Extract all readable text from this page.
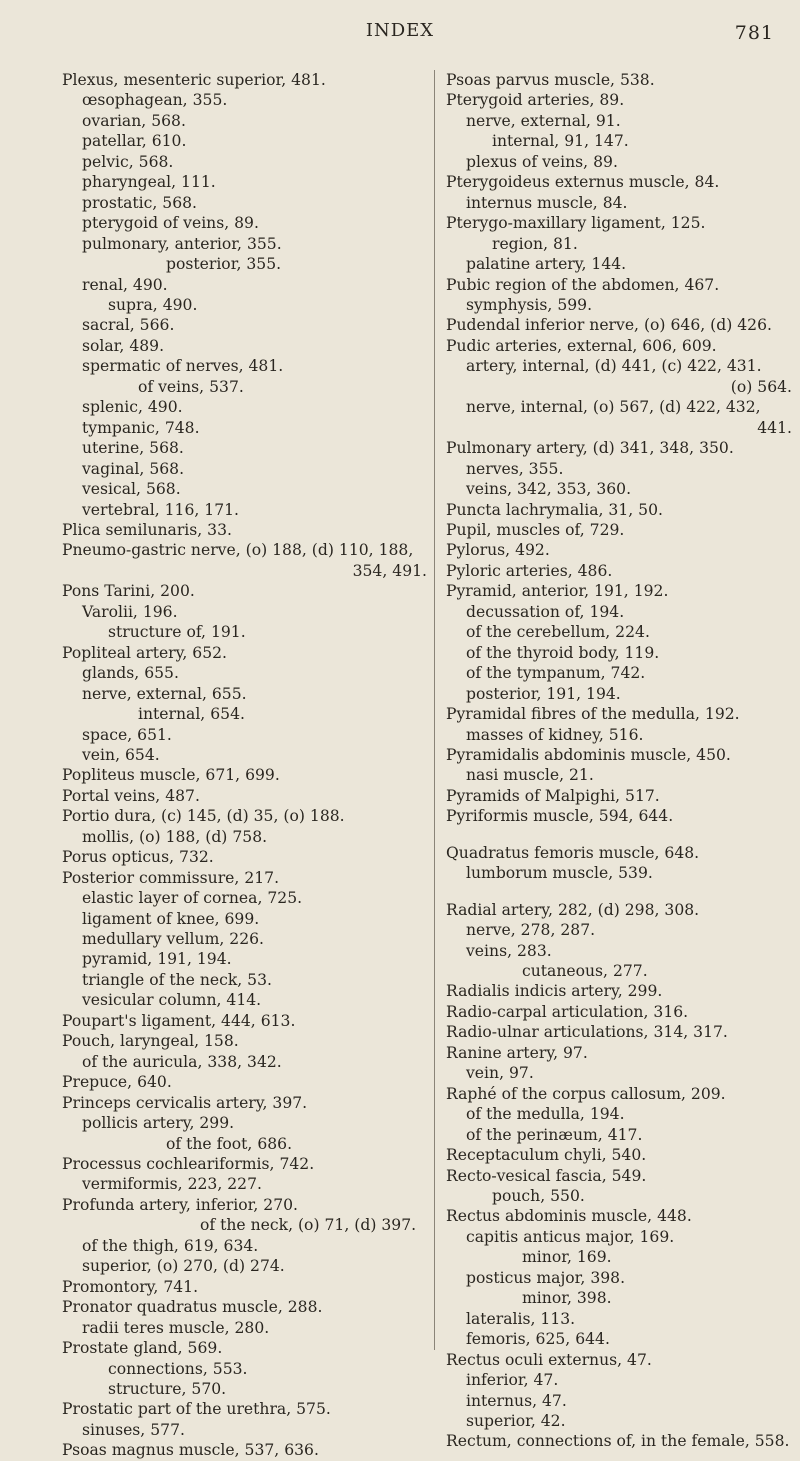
INDEX	781
Plexus, mesenteric superior, 481.
œsophagean, 355.
ovarian, 568.
patellar, 610.
pelvic, 568.
pharyngeal, 111.
prostatic, 568.
pterygoid of veins, 89.
pulmonary, anterior, 355.
posterior, 355.
renal, 490.
supra, 490.
sacral, 566.
solar, 489.
spermatic of nerves, 481.
of veins, 537.
splenic, 490.
tympanic, 748.
uterine, 568.
vaginal, 568.
vesical, 568.
vertebral, 116, 171.
Plica semilunaris, 33.
Pneumo-gastric nerve, (o) 188, (d) 110, 188,
354, 491.
Pons Tarini, 200.
Varolii, 196.
structure of, 191.
Popliteal artery, 652.
glands, 655.
nerve, external, 655.
internal, 654.
space, 651.
vein, 654.
Popliteus muscle, 671, 699.
Portal veins, 487.
Portio dura, (c) 145, (d) 35, (o) 188.
mollis, (o) 188, (d) 758.
Porus opticus, 732.
Posterior commissure, 217.
elastic layer of cornea, 725.
ligament of knee, 699.
medullary vellum, 226.
pyramid, 191, 194.
triangle of the neck, 53.
vesicular column, 414.
Poupart's ligament, 444, 613.
Pouch, laryngeal, 158.
of the auricula, 338, 342.
Prepuce, 640.
Princeps cervicalis artery, 397.
pollicis artery, 299.
of the foot, 686.
Processus cochleariformis, 742.
vermiformis, 223, 227.
Profunda artery, inferior, 270.
of the neck, (o) 71, (d) 397.
of the thigh, 619, 634.
superior, (o) 270, (d) 274.
Promontory, 741.
Pronator quadratus muscle, 288.
radii teres muscle, 280.
Prostate gland, 569.
connections, 553.
structure, 570.
Prostatic part of the urethra, 575.
sinuses, 577.
Psoas magnus muscle, 537, 636.
Psoas parvus muscle, 538.
Pterygoid arteries, 89.
nerve, external, 91.
internal, 91, 147.
plexus of veins, 89.
Pterygoideus externus muscle, 84.
internus muscle, 84.
Pterygo-maxillary ligament, 125.
region, 81.
palatine artery, 144.
Pubic region of the abdomen, 467.
symphysis, 599.
Pudendal inferior nerve, (o) 646, (d) 426.
Pudic arteries, external, 606, 609.
artery, internal, (d) 441, (c) 422, 431.
(o) 564.
nerve, internal, (o) 567, (d) 422, 432,
441.
Pulmonary artery, (d) 341, 348, 350.
nerves, 355.
veins, 342, 353, 360.
Puncta lachrymalia, 31, 50.
Pupil, muscles of, 729.
Pylorus, 492.
Pyloric arteries, 486.
Pyramid, anterior, 191, 192.
decussation of, 194.
of the cerebellum, 224.
of the thyroid body, 119.
of the tympanum, 742.
posterior, 191, 194.
Pyramidal fibres of the medulla, 192.
masses of kidney, 516.
Pyramidalis abdominis muscle, 450.
nasi muscle, 21.
Pyramids of Malpighi, 517.
Pyriformis muscle, 594, 644.
Quadratus femoris muscle, 648.
lumborum muscle, 539.
Radial artery, 282, (d) 298, 308.
nerve, 278, 287.
veins, 283.
cutaneous, 277.
Radialis indicis artery, 299.
Radio-carpal articulation, 316.
Radio-ulnar articulations, 314, 317.
Ranine artery, 97.
vein, 97.
Raphé of the corpus callosum, 209.
of the medulla, 194.
of the perinæum, 417.
Receptaculum chyli, 540.
Recto-vesical fascia, 549.
pouch, 550.
Rectus abdominis muscle, 448.
capitis anticus major, 169.
minor, 169.
posticus major, 398.
minor, 398.
lateralis, 113.
femoris, 625, 644.
Rectus oculi externus, 47.
inferior, 47.
internus, 47.
superior, 42.
Rectum, connections of, in the female, 558.
